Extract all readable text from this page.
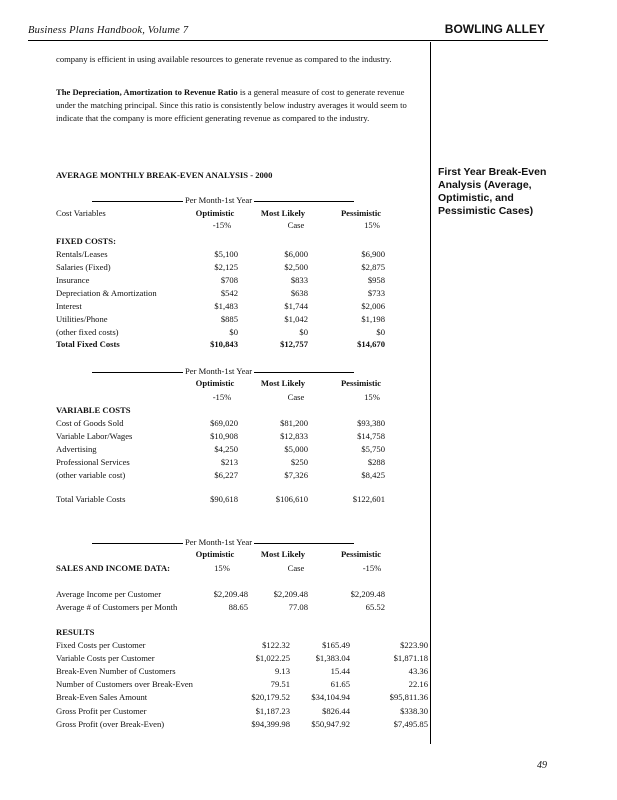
Business Plans Handbook, Volume 7	BOWLING ALLEY
company is efficient in using available resources to generate revenue as compared to the industry.
The Depreciation, Amortization to Revenue Ratio is a general measure of cost to generate revenue under the matching principal. Since this ratio is consistently below industry averages it would seem to indicate that the company is more efficient generating revenue as compared to the industry.
AVERAGE MONTHLY BREAK-EVEN ANALYSIS - 2000	First Year Break-Even Analysis (Average, Optimistic, and Pessimistic Cases)
Per Month-1st Year
Cost Variables	Optimistic	Most Likely	Pessimistic
-15%	Case	15%
FIXED COSTS:
Rentals/Leases	$5,100	$6,000	$6,900
Salaries (Fixed)	$2,125	$2,500	$2,875
Insurance	$708	$833	$958
Depreciation & Amortization	$542	$638	$733
Interest	$1,483	$1,744	$2,006
Utilities/Phone	$885	$1,042	$1,198
(other fixed costs)	$0	$0	$0
Total Fixed Costs	$10,843	$12,757	$14,670
Per Month-1st Year
Optimistic	Most Likely	Pessimistic
-15%	Case	15%
VARIABLE COSTS
Cost of Goods Sold	$69,020	$81,200	$93,380
Variable Labor/Wages	$10,908	$12,833	$14,758
Advertising	$4,250	$5,000	$5,750
Professional Services	$213	$250	$288
(other variable cost)	$6,227	$7,326	$8,425
Total Variable Costs	$90,618	$106,610	$122,601
Per Month-1st Year
Optimistic	Most Likely	Pessimistic
15%	Case	-15%
SALES AND INCOME DATA:
Average Income per Customer	$2,209.48	$2,209.48	$2,209.48
Average # of Customers per Month	88.65	77.08	65.52
RESULTS
Fixed Costs per Customer	$122.32	$165.49	$223.90
Variable Costs per Customer	$1,022.25	$1,383.04	$1,871.18
Break-Even Number of Customers	9.13	15.44	43.36
Number of Customers over Break-Even	79.51	61.65	22.16
Break-Even Sales Amount	$20,179.52	$34,104.94	$95,811.36
Gross Profit per Customer	$1,187.23	$826.44	$338.30
Gross Profit (over Break-Even)	$94,399.98	$50,947.92	$7,495.85
49
